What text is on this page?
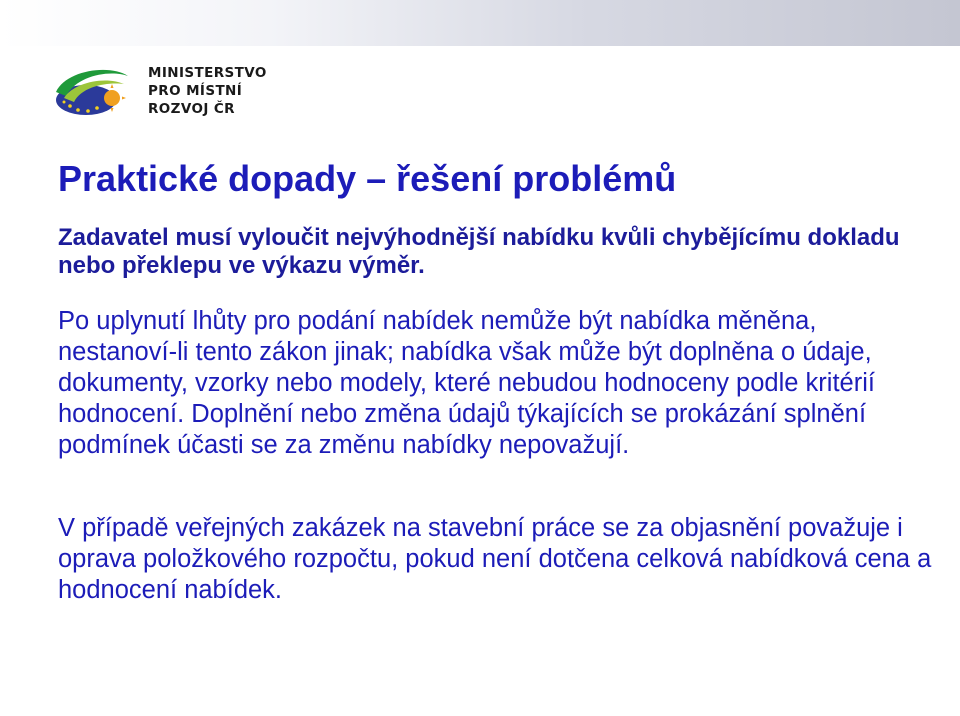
MINISTERSTVO
PRO MÍSTNÍ
ROZVOJ ČR
Praktické dopady – řešení problémů

Zadavatel musí vyloučit nejvýhodnější nabídku kvůli chybějícímu dokladu nebo překlepu ve výkazu výměr.

Po uplynutí lhůty pro podání nabídek nemůže být nabídka měněna, nestanoví-li tento zákon jinak; nabídka však může být doplněna o údaje, dokumenty, vzorky nebo modely, které nebudou hodnoceny podle kritérií hodnocení. Doplnění nebo změna údajů týkajících se prokázání splnění podmínek účasti se za změnu nabídky nepovažují.

V případě veřejných zakázek na stavební práce se za objasnění považuje i oprava položkového rozpočtu, pokud není dotčena celková nabídková cena a hodnocení nabídek.
